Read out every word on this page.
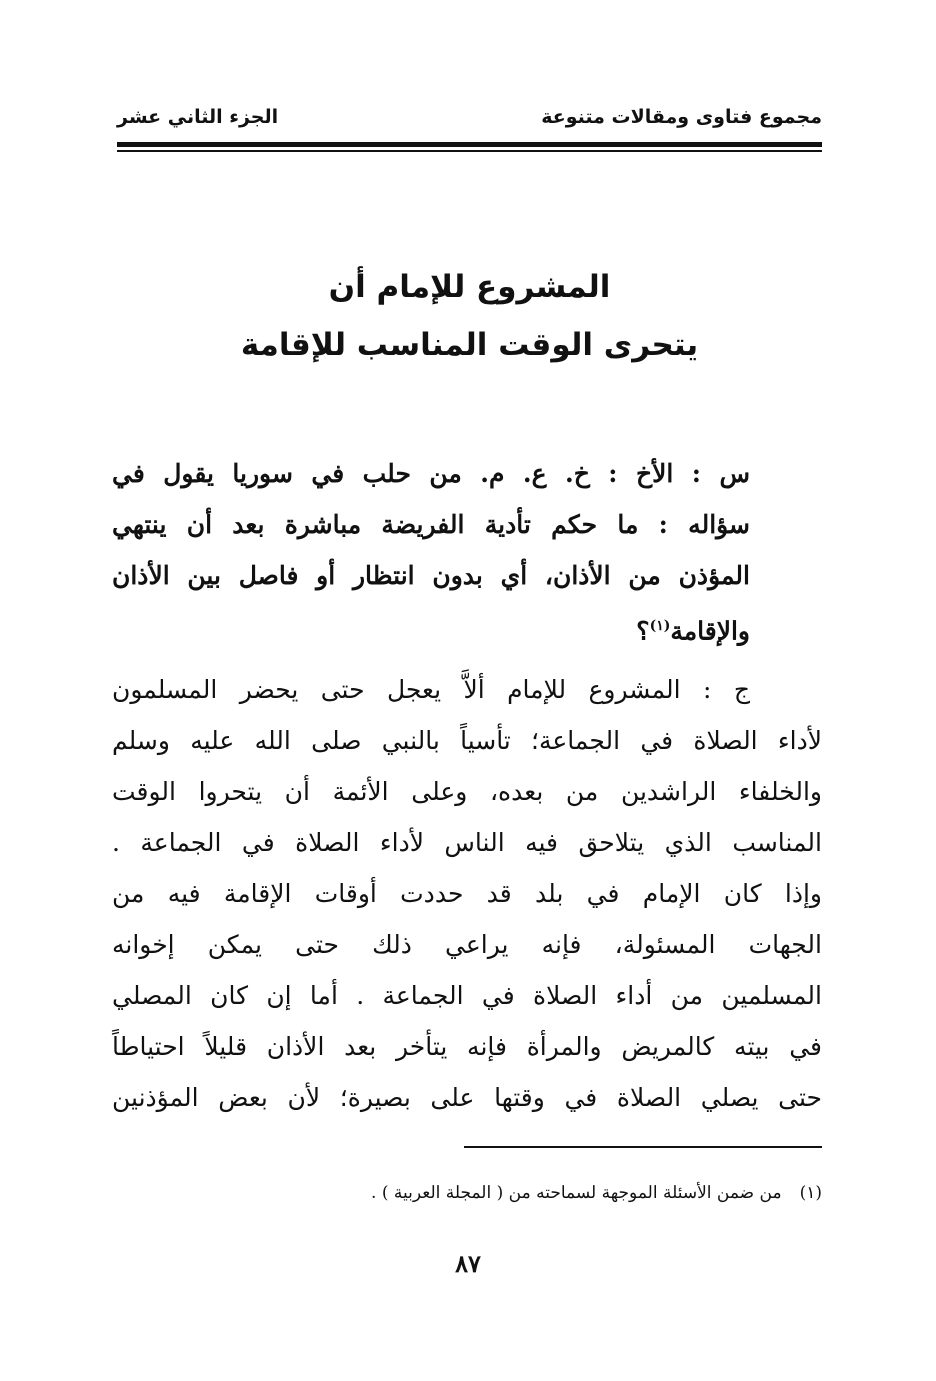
مجموع فتاوى ومقالات متنوعة
الجزء الثاني عشر
المشروع للإمام أن
يتحرى الوقت المناسب للإقامة

س : الأخ : خ. ع. م. من حلب في سوريا يقول في
سؤاله : ما حكم تأدية الفريضة مباشرة بعد أن ينتهي
المؤذن من الأذان، أي بدون انتظار أو فاصل بين الأذان
والإقامة$^{(١)}$؟

ج : المشروع للإمام ألاَّ يعجل حتى يحضر المسلمون
لأداء الصلاة في الجماعة؛ تأسياً بالنبي صلى الله عليه وسلم
والخلفاء الراشدين من بعده، وعلى الأئمة أن يتحروا الوقت
المناسب الذي يتلاحق فيه الناس لأداء الصلاة في الجماعة .
وإذا كان الإمام في بلد قد حددت أوقات الإقامة فيه من
الجهات المسئولة، فإنه يراعي ذلك حتى يمكن إخوانه
المسلمين من أداء الصلاة في الجماعة . أما إن كان المصلي
في بيته كالمريض والمرأة فإنه يتأخر بعد الأذان قليلاً احتياطاً
حتى يصلي الصلاة في وقتها على بصيرة؛ لأن بعض المؤذنين

(١)من ضمن الأسئلة الموجهة لسماحته من ( المجلة العربية ) .
٨٧
